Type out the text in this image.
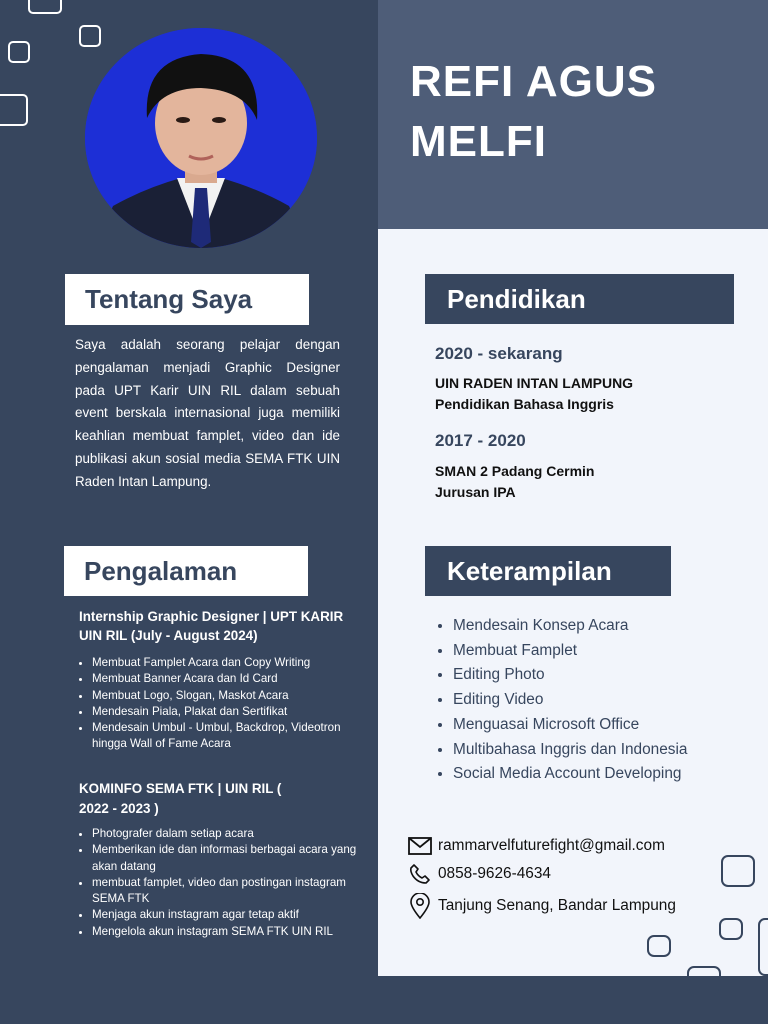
REFI AGUS
MELFI
Tentang Saya
Saya adalah seorang pelajar dengan pengalaman menjadi Graphic Designer pada UPT Karir UIN RIL dalam sebuah event berskala internasional juga memiliki keahlian membuat famplet, video dan ide publikasi akun sosial media SEMA FTK UIN Raden Intan Lampung.
Pengalaman
Internship Graphic Designer | UPT KARIR UIN RIL (July - August 2024)
• Membuat Famplet Acara dan Copy Writing
• Membuat Banner Acara dan Id Card
• Membuat Logo, Slogan, Maskot Acara
• Mendesain Piala, Plakat dan Sertifikat
• Mendesain Umbul - Umbul, Backdrop, Videotron hingga Wall of Fame Acara
KOMINFO SEMA FTK | UIN RIL ( 2022 - 2023 )
• Photografer dalam setiap acara
• Memberikan ide dan informasi berbagai acara yang akan datang
• membuat famplet, video dan postingan instagram SEMA FTK
• Menjaga akun instagram agar tetap aktif
• Mengelola akun instagram SEMA FTK UIN RIL
Pendidikan
2020 - sekarang
UIN RADEN INTAN LAMPUNG
Pendidikan Bahasa Inggris
2017 - 2020
SMAN 2 Padang Cermin
Jurusan IPA
Keterampilan
• Mendesain Konsep Acara
• Membuat Famplet
• Editing Photo
• Editing Video
• Menguasai Microsoft Office
• Multibahasa Inggris dan Indonesia
• Social Media Account Developing
rammarvelfuturefight@gmail.com
0858-9626-4634
Tanjung Senang, Bandar Lampung
